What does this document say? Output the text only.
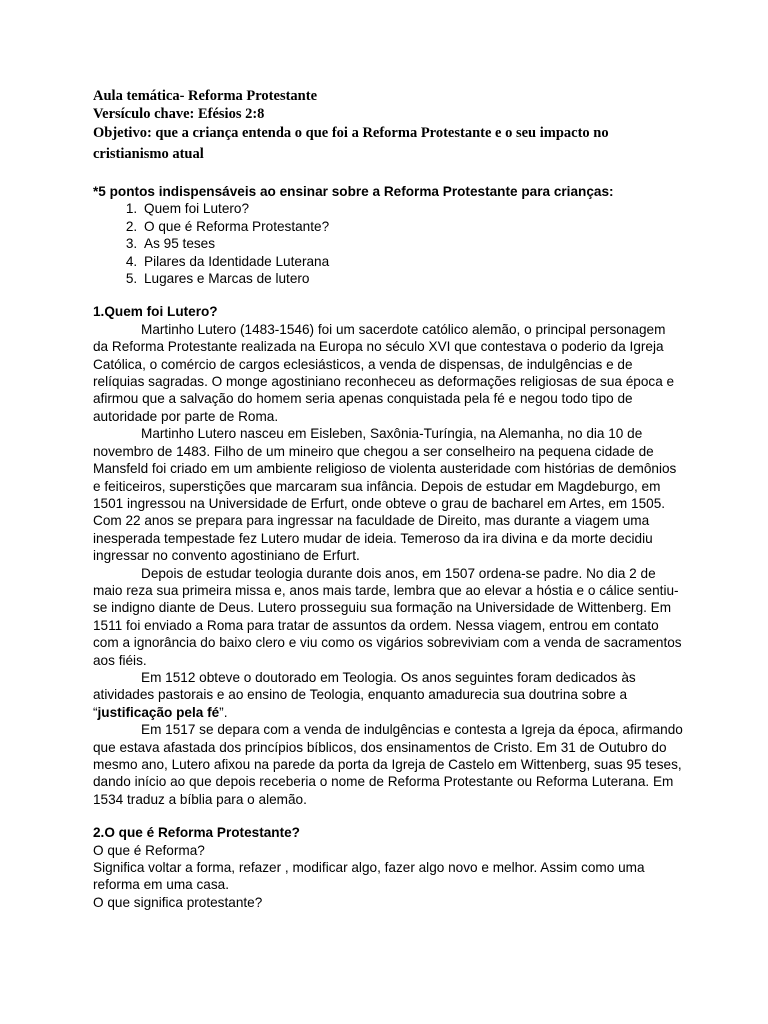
Aula temática- Reforma Protestante

Versículo chave: Efésios 2:8

Objetivo: que a criança entenda o que foi a Reforma Protestante e o seu impacto no cristianismo atual

*5 pontos indispensáveis ao ensinar sobre a Reforma Protestante para crianças:

1. Quem foi Lutero?
2. O que é Reforma Protestante?
3. As 95 teses
4. Pilares da Identidade Luterana
5. Lugares e Marcas de lutero

1.Quem foi Lutero?

Martinho Lutero (1483-1546) foi um sacerdote católico alemão, o principal personagem da Reforma Protestante realizada na Europa no século XVI que contestava o poderio da Igreja Católica, o comércio de cargos eclesiásticos, a venda de dispensas, de indulgências e de relíquias sagradas. O monge agostiniano reconheceu as deformações religiosas de sua época e afirmou que a salvação do homem seria apenas conquistada pela fé e negou todo tipo de autoridade por parte de Roma.

Martinho Lutero nasceu em Eisleben, Saxônia-Turíngia, na Alemanha, no dia 10 de novembro de 1483. Filho de um mineiro que chegou a ser conselheiro na pequena cidade de Mansfeld foi criado em um ambiente religioso de violenta austeridade com histórias de demônios e feiticeiros, superstições que marcaram sua infância. Depois de estudar em Magdeburgo, em 1501 ingressou na Universidade de Erfurt, onde obteve o grau de bacharel em Artes, em 1505. Com 22 anos se prepara para ingressar na faculdade de Direito, mas durante a viagem uma inesperada tempestade fez Lutero mudar de ideia. Temeroso da ira divina e da morte decidiu ingressar no convento agostiniano de Erfurt.

Depois de estudar teologia durante dois anos, em 1507 ordena-se padre. No dia 2 de maio reza sua primeira missa e, anos mais tarde, lembra que ao elevar a hóstia e o cálice sentiu-se indigno diante de Deus. Lutero prosseguiu sua formação na Universidade de Wittenberg. Em 1511 foi enviado a Roma para tratar de assuntos da ordem. Nessa viagem, entrou em contato com a ignorância do baixo clero e viu como os vigários sobreviviam com a venda de sacramentos aos fiéis.

Em 1512 obteve o doutorado em Teologia. Os anos seguintes foram dedicados às atividades pastorais e ao ensino de Teologia, enquanto amadurecia sua doutrina sobre a “justificação pela fé”.

Em 1517 se depara com a venda de indulgências e contesta a Igreja da época, afirmando que estava afastada dos princípios bíblicos, dos ensinamentos de Cristo. Em 31 de Outubro do mesmo ano, Lutero afixou na parede da porta da Igreja de Castelo em Wittenberg, suas 95 teses, dando início ao que depois receberia o nome de Reforma Protestante ou Reforma Luterana. Em 1534 traduz a bíblia para o alemão.

2.O que é Reforma Protestante?

O que é Reforma?

Significa voltar a forma, refazer , modificar algo, fazer algo novo e melhor. Assim como uma reforma em uma casa.

O que significa protestante?
